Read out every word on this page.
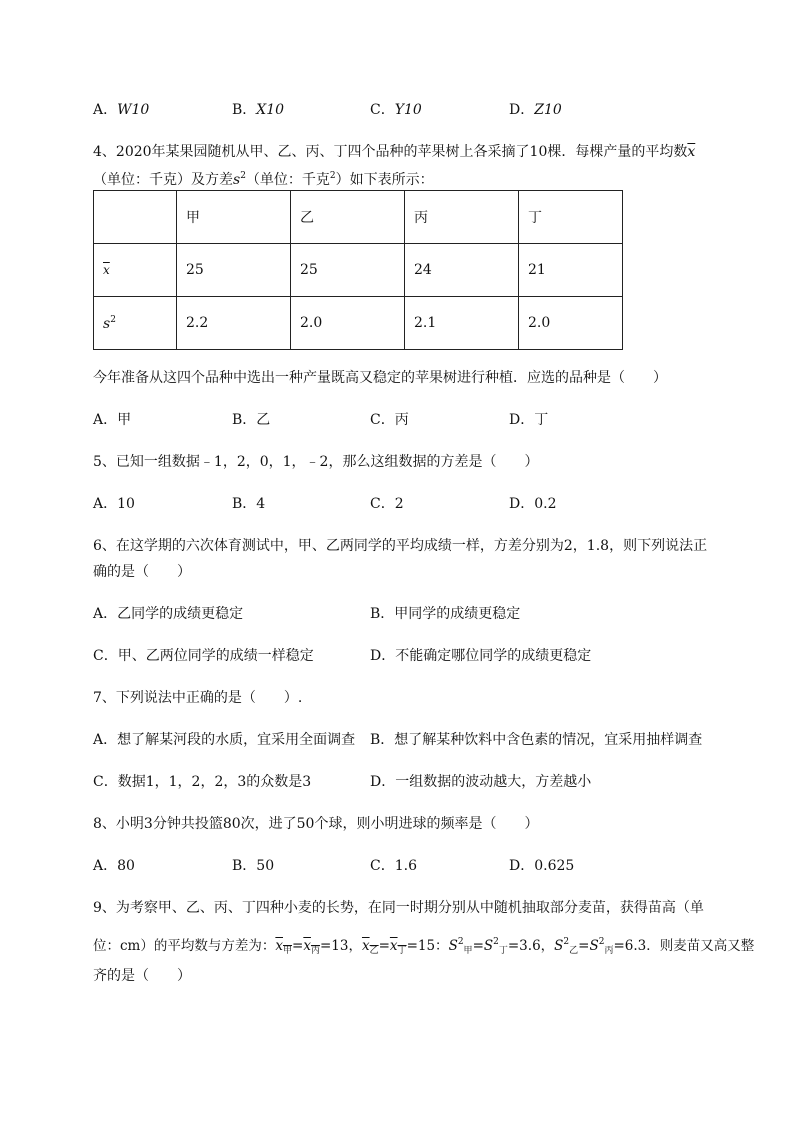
A．W10	B．X10	C．Y10	D．Z10
4、2020年某果园随机从甲、乙、丙、丁四个品种的苹果树上各采摘了10棵．每棵产量的平均数$\overline{x}$
（单位：千克）及方差$s^2$（单位：千克$^2$）如下表所示：
	甲	乙	丙	丁
$\overline{x}$	25	25	24	21
$s^2$	2.2	2.0	2.1	2.0
今年准备从这四个品种中选出一种产量既高又稳定的苹果树进行种植．应选的品种是（　　）
A．甲	B．乙	C．丙	D．丁
5、已知一组数据﹣1，2，0，1，﹣2，那么这组数据的方差是（　　）
A．10	B．4	C．2	D．0.2
6、在这学期的六次体育测试中，甲、乙两同学的平均成绩一样，方差分别为2，1.8，则下列说法正
确的是（　　）
A．乙同学的成绩更稳定	B．甲同学的成绩更稳定
C．甲、乙两位同学的成绩一样稳定	D．不能确定哪位同学的成绩更稳定
7、下列说法中正确的是（　　）.
A．想了解某河段的水质，宜采用全面调查 B．想了解某种饮料中含色素的情况，宜采用抽样调查
C．数据1，1，2，2，3的众数是3	D．一组数据的波动越大，方差越小
8、小明3分钟共投篮80次，进了50个球，则小明进球的频率是（　　）
A．80	B．50	C．1.6	D．0.625
9、为考察甲、乙、丙、丁四种小麦的长势，在同一时期分别从中随机抽取部分麦苗，获得苗高（单
位：cm）的平均数与方差为：$\overline{x}_甲=\overline{x}_丙=13$，$\overline{x}_乙=\overline{x}_丁=15$：$S^2_甲=S^2_丁=3.6$，$S^2_乙=S^2_丙=6.3$．则麦苗又高又整
齐的是（　　）
